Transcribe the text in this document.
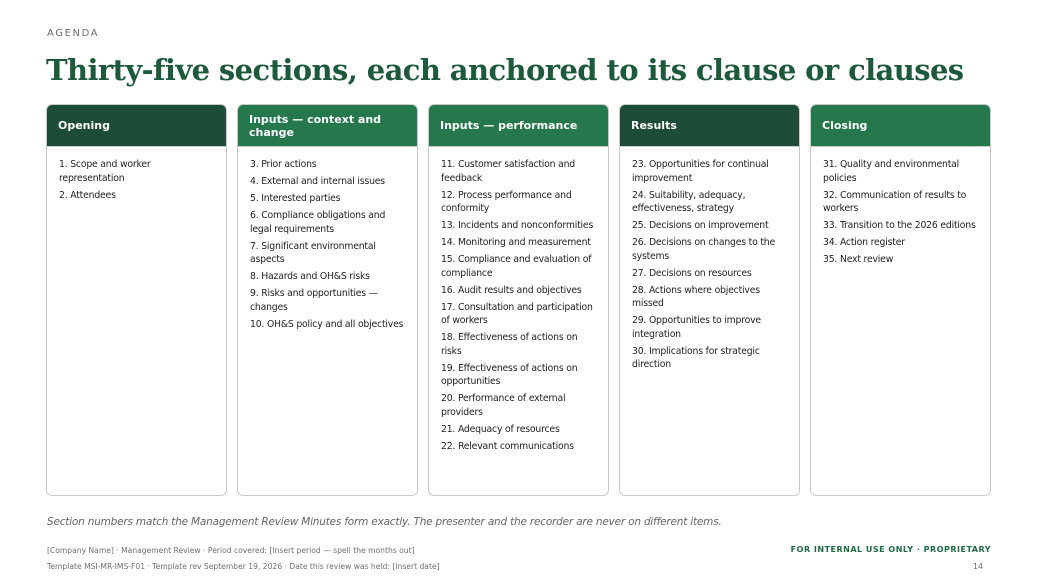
AGENDA
Thirty-five sections, each anchored to its clause or clauses
Opening
1. Scope and worker representation
2. Attendees
Inputs — context and change
3. Prior actions
4. External and internal issues
5. Interested parties
6. Compliance obligations and legal requirements
7. Significant environmental aspects
8. Hazards and OH&S risks
9. Risks and opportunities — changes
10. OH&S policy and all objectives
Inputs — performance
11. Customer satisfaction and feedback
12. Process performance and conformity
13. Incidents and nonconformities
14. Monitoring and measurement
15. Compliance and evaluation of compliance
16. Audit results and objectives
17. Consultation and participation of workers
18. Effectiveness of actions on risks
19. Effectiveness of actions on opportunities
20. Performance of external providers
21. Adequacy of resources
22. Relevant communications
Results
23. Opportunities for continual improvement
24. Suitability, adequacy, effectiveness, strategy
25. Decisions on improvement
26. Decisions on changes to the systems
27. Decisions on resources
28. Actions where objectives missed
29. Opportunities to improve integration
30. Implications for strategic direction
Closing
31. Quality and environmental policies
32. Communication of results to workers
33. Transition to the 2026 editions
34. Action register
35. Next review

Section numbers match the Management Review Minutes form exactly. The presenter and the recorder are never on different items.

[Company Name] · Management Review · Period covered: [Insert period — spell the months out]
Template MSI-MR-IMS-F01 · Template rev September 19, 2026 · Date this review was held: [Insert date]
FOR INTERNAL USE ONLY · PROPRIETARY
14
